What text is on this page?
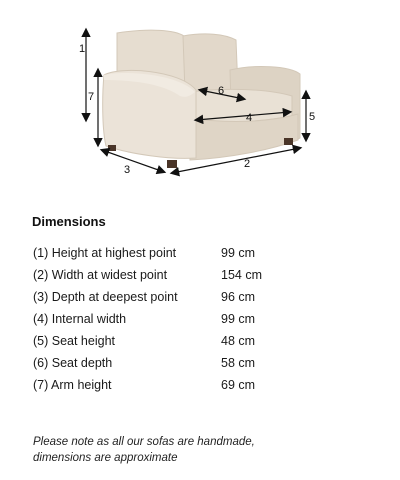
1
2
3
4	5
6
7
Dimensions
(1) Height at highest point	99 cm
(2) Width at widest point	154 cm
(3) Depth at deepest point	96 cm
(4) Internal width	99 cm
(5) Seat height	48 cm
(6) Seat depth	58 cm
(7) Arm height	69 cm

Please note as all our sofas are handmade,
dimensions are approximate
